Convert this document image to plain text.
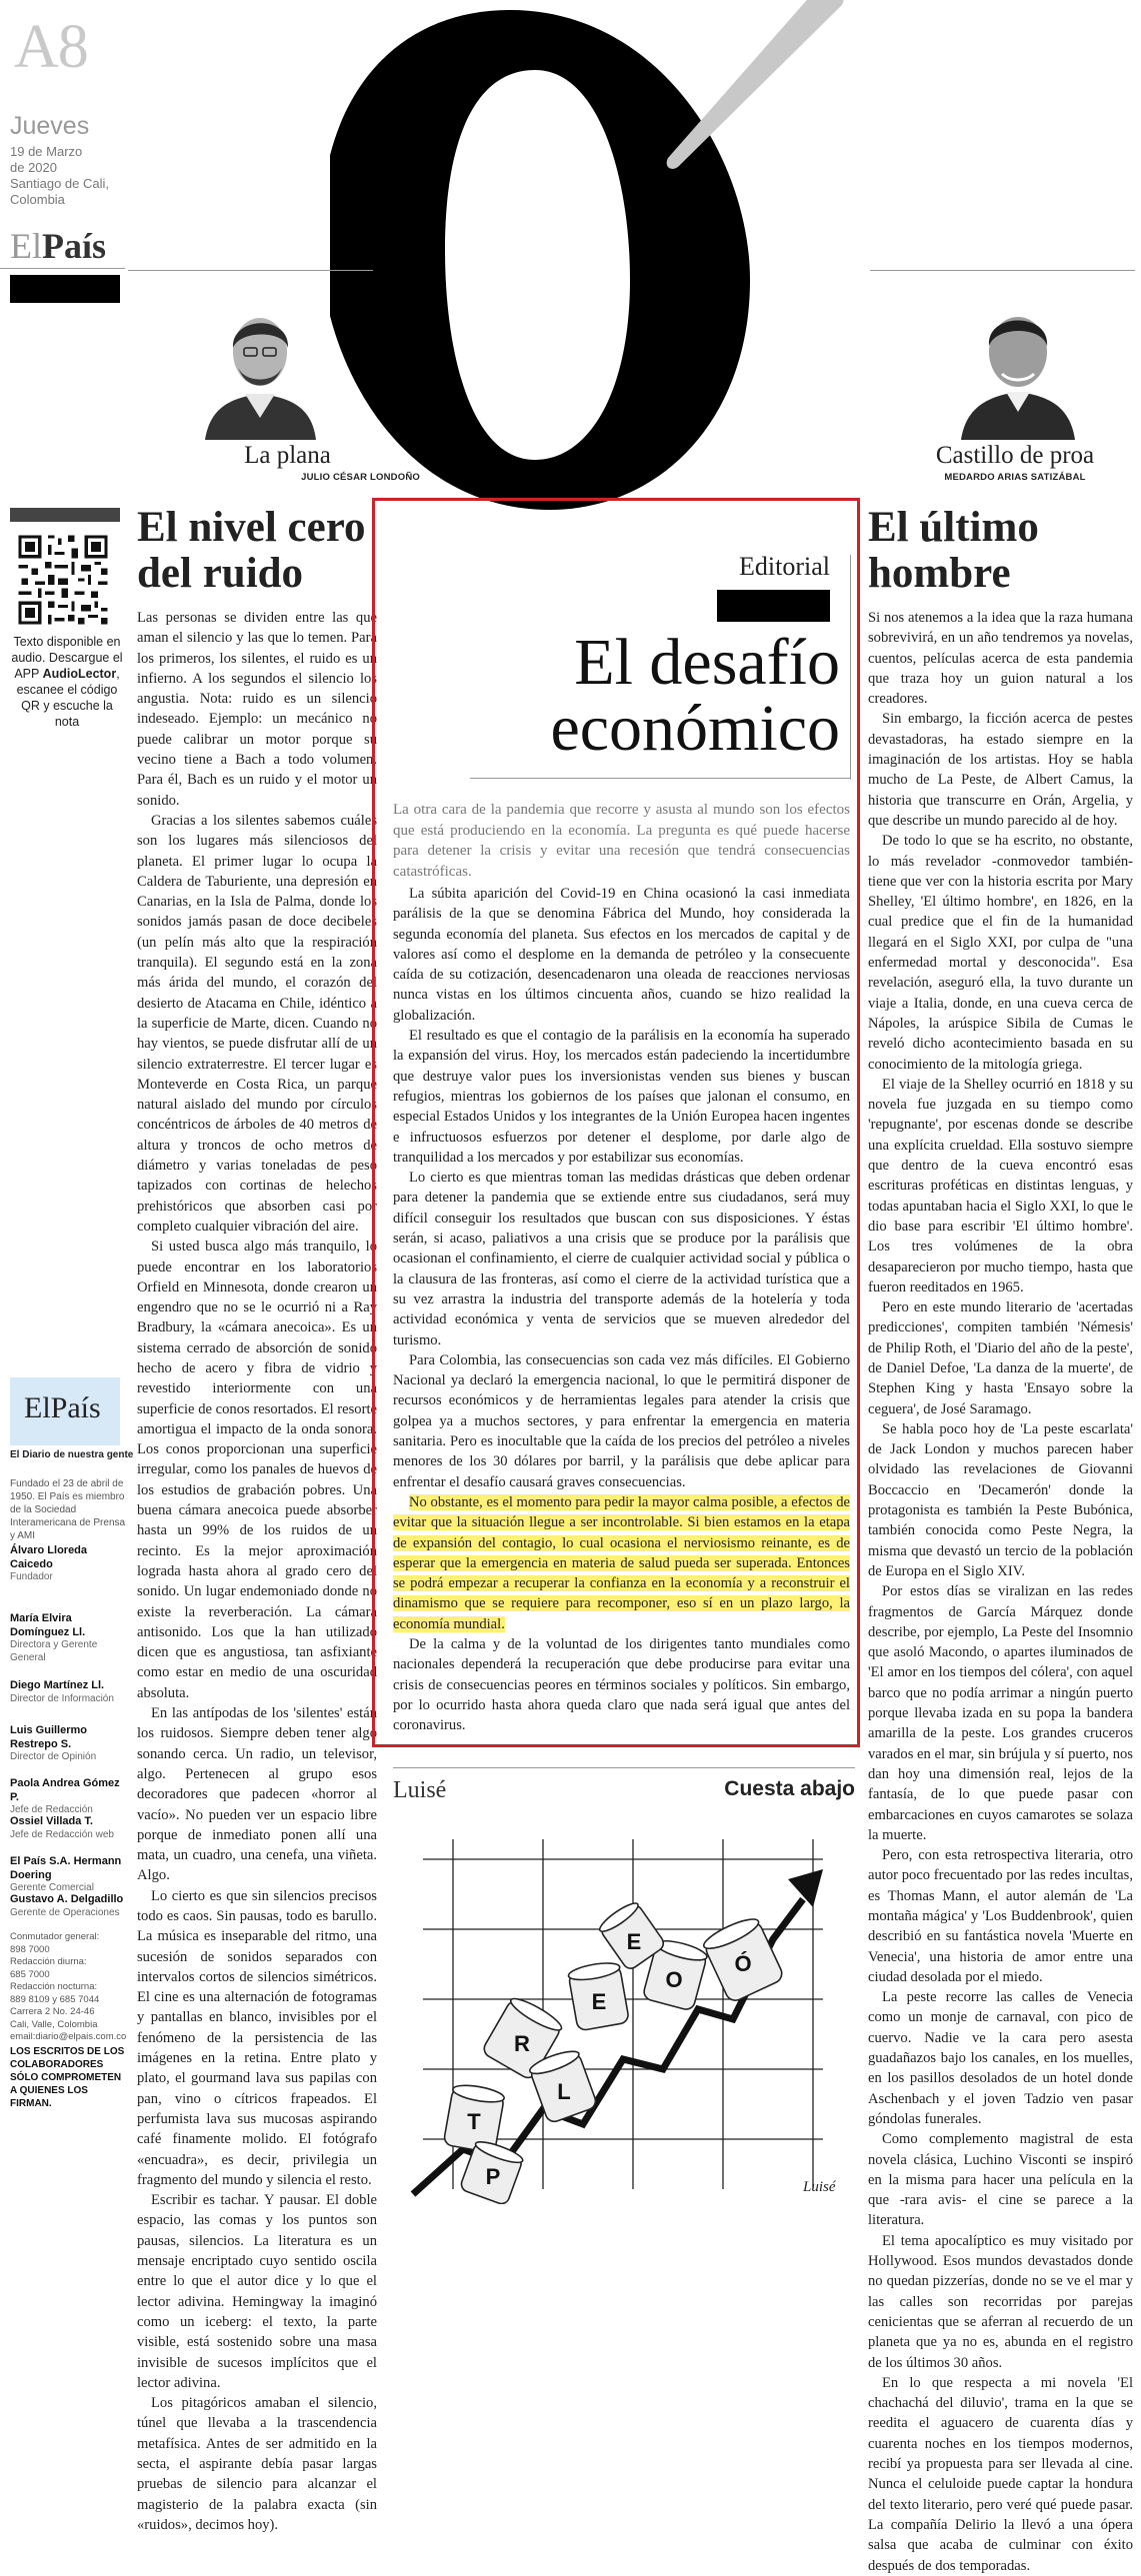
A8
Jueves
19 de Marzo
de 2020
Santiago de Cali,
Colombia
ElPaís
Texto disponible en audio. Descargue el APP AudioLector, escanee el código QR y escuche la nota
ElPaís
El Diario de nuestra gente
Fundado el 23 de abril de 1950. El País es miembro de la Sociedad Interamericana de Prensa y AMI
Álvaro Lloreda Caicedo
Fundador
María Elvira Domínguez Ll.
Directora y Gerente General
Diego Martínez Ll.
Director de Información
Luis Guillermo Restrepo S.
Director de Opinión
Paola Andrea Gómez P.
Jefe de Redacción
Ossiel Villada T.
Jefe de Redacción web
El País S.A. Hermann Doering
Gerente Comercial
Gustavo A. Delgadillo
Gerente de Operaciones
Conmutador general:
898 7000
Redacción diurna:
685 7000
Redacción nocturna:
889 8109 y 685 7044
Carrera 2 No. 24-46
Cali, Valle, Colombia
email:diario@elpais.com.co
LOS ESCRITOS DE LOS COLABORADORES SÓLO COMPROMETEN A QUIENES LOS FIRMAN.
La plana
JULIO CÉSAR LONDOÑO
Castillo de proa
MEDARDO ARIAS SATIZÁBAL
El nivel cero del ruido

Las personas se dividen entre las que aman el silencio y las que lo temen. Para los primeros, los silentes, el ruido es un infierno. A los segundos el silencio los angustia. Nota: ruido es un silencio indeseado. Ejemplo: un mecánico no puede calibrar un motor porque su vecino tiene a Bach a todo volumen. Para él, Bach es un ruido y el motor un sonido.

Gracias a los silentes sabemos cuáles son los lugares más silenciosos del planeta. El primer lugar lo ocupa la Caldera de Taburiente, una depresión en Canarias, en la Isla de Palma, donde los sonidos jamás pasan de doce decibeles (un pelín más alto que la respiración tranquila). El segundo está en la zona más árida del mundo, el corazón del desierto de Atacama en Chile, idéntico a la superficie de Marte, dicen. Cuando no hay vientos, se puede disfrutar allí de un silencio extraterrestre. El tercer lugar es Monteverde en Costa Rica, un parque natural aislado del mundo por círculos concéntricos de árboles de 40 metros de altura y troncos de ocho metros de diámetro y varias toneladas de peso tapizados con cortinas de helechos prehistóricos que absorben casi por completo cualquier vibración del aire.

Si usted busca algo más tranquilo, lo puede encontrar en los laboratorios Orfield en Minnesota, donde crearon un engendro que no se le ocurrió ni a Ray Bradbury, la «cámara anecoica». Es un sistema cerrado de absorción de sonido hecho de acero y fibra de vidrio y revestido interiormente con una superficie de conos resortados. El resorte amortigua el impacto de la onda sonora. Los conos proporcionan una superficie irregular, como los panales de huevos de los estudios de grabación pobres. Una buena cámara anecoica puede absorber hasta un 99% de los ruidos de un recinto. Es la mejor aproximación lograda hasta ahora al grado cero del sonido. Un lugar endemoniado donde no existe la reverberación. La cámara antisonido. Los que la han utilizado dicen que es angustiosa, tan asfixiante como estar en medio de una oscuridad absoluta.

En las antípodas de los 'silentes' están los ruidosos. Siempre deben tener algo sonando cerca. Un radio, un televisor, algo. Pertenecen al grupo esos decoradores que padecen «horror al vacío». No pueden ver un espacio libre porque de inmediato ponen allí una mata, un cuadro, una cenefa, una viñeta. Algo.

Lo cierto es que sin silencios precisos todo es caos. Sin pausas, todo es barullo. La música es inseparable del ritmo, una sucesión de sonidos separados con intervalos cortos de silencios simétricos. El cine es una alternación de fotogramas y pantallas en blanco, invisibles por el fenómeno de la persistencia de las imágenes en la retina. Entre plato y plato, el gourmand lava sus papilas con pan, vino o cítricos frapeados. El perfumista lava sus mucosas aspirando café finamente molido. El fotógrafo «encuadra», es decir, privilegia un fragmento del mundo y silencia el resto.

Escribir es tachar. Y pausar. El doble espacio, las comas y los puntos son pausas, silencios. La literatura es un mensaje encriptado cuyo sentido oscila entre lo que el autor dice y lo que el lector adivina. Hemingway la imaginó como un iceberg: el texto, la parte visible, está sostenido sobre una masa invisible de sucesos implícitos que el lector adivina.

Los pitagóricos amaban el silencio, túnel que llevaba a la trascendencia metafísica. Antes de ser admitido en la secta, el aspirante debía pasar largas pruebas de silencio para alcanzar el magisterio de la palabra exacta (sin «ruidos», decimos hoy).

Editorial
El desafío
económico
La otra cara de la pandemia que recorre y asusta al mundo son los efectos que está produciendo en la economía. La pregunta es qué puede hacerse para detener la crisis y evitar una recesión que tendrá consecuencias catastróficas.

La súbita aparición del Covid-19 en China ocasionó la casi inmediata parálisis de la que se denomina Fábrica del Mundo, hoy considerada la segunda economía del planeta. Sus efectos en los mercados de capital y de valores así como el desplome en la demanda de petróleo y la consecuente caída de su cotización, desencadenaron una oleada de reacciones nerviosas nunca vistas en los últimos cincuenta años, cuando se hizo realidad la globalización.

El resultado es que el contagio de la parálisis en la economía ha superado la expansión del virus. Hoy, los mercados están padeciendo la incertidumbre que destruye valor pues los inversionistas venden sus bienes y buscan refugios, mientras los gobiernos de los países que jalonan el consumo, en especial Estados Unidos y los integrantes de la Unión Europea hacen ingentes e infructuosos esfuerzos por detener el desplome, por darle algo de tranquilidad a los mercados y por estabilizar sus economías.

Lo cierto es que mientras toman las medidas drásticas que deben ordenar para detener la pandemia que se extiende entre sus ciudadanos, será muy difícil conseguir los resultados que buscan con sus disposiciones. Y éstas serán, si acaso, paliativos a una crisis que se produce por la parálisis que ocasionan el confinamiento, el cierre de cualquier actividad social y pública o la clausura de las fronteras, así como el cierre de la actividad turística que a su vez arrastra la industria del transporte además de la hotelería y toda actividad económica y venta de servicios que se mueven alrededor del turismo.

Para Colombia, las consecuencias son cada vez más difíciles. El Gobierno Nacional ya declaró la emergencia nacional, lo que le permitirá disponer de recursos económicos y de herramientas legales para atender la crisis que golpea ya a muchos sectores, y para enfrentar la emergencia en materia sanitaria. Pero es inocultable que la caída de los precios del petróleo a niveles menores de los 30 dólares por barril, y la parálisis que debe aplicar para enfrentar el desafío causará graves consecuencias.

No obstante, es el momento para pedir la mayor calma posible, a efectos de evitar que la situación llegue a ser incontrolable. Si bien estamos en la etapa de expansión del contagio, lo cual ocasiona el nerviosismo reinante, es de esperar que la emergencia en materia de salud pueda ser superada. Entonces se podrá empezar a recuperar la confianza en la economía y a reconstruir el dinamismo que se requiere para recomponer, eso sí en un plazo largo, la economía mundial.

De la calma y de la voluntad de los dirigentes tanto mundiales como nacionales dependerá la recuperación que debe producirse para evitar una crisis de consecuencias peores en términos sociales y políticos. Sin embargo, por lo ocurrido hasta ahora queda claro que nada será igual que antes del coronavirus.

Luisé	Cuesta abajo
P
E
T
R
Ó
L
E
O
Luisé
El último hombre

Si nos atenemos a la idea que la raza humana sobrevivirá, en un año tendremos ya novelas, cuentos, películas acerca de esta pandemia que traza hoy un guion natural a los creadores.

Sin embargo, la ficción acerca de pestes devastadoras, ha estado siempre en la imaginación de los artistas. Hoy se habla mucho de La Peste, de Albert Camus, la historia que transcurre en Orán, Argelia, y que describe un mundo parecido al de hoy.

De todo lo que se ha escrito, no obstante, lo más revelador -conmovedor también- tiene que ver con la historia escrita por Mary Shelley, 'El último hombre', en 1826, en la cual predice que el fin de la humanidad llegará en el Siglo XXI, por culpa de "una enfermedad mortal y desconocida". Esa revelación, aseguró ella, la tuvo durante un viaje a Italia, donde, en una cueva cerca de Nápoles, la arúspice Sibila de Cumas le reveló dicho acontecimiento basada en su conocimiento de la mitología griega.

El viaje de la Shelley ocurrió en 1818 y su novela fue juzgada en su tiempo como 'repugnante', por escenas donde se describe una explícita crueldad. Ella sostuvo siempre que dentro de la cueva encontró esas escrituras proféticas en distintas lenguas, y todas apuntaban hacia el Siglo XXI, lo que le dio base para escribir 'El último hombre'. Los tres volúmenes de la obra desaparecieron por mucho tiempo, hasta que fueron reeditados en 1965.

Pero en este mundo literario de 'acertadas predicciones', compiten también 'Némesis' de Philip Roth, el 'Diario del año de la peste', de Daniel Defoe, 'La danza de la muerte', de Stephen King y hasta 'Ensayo sobre la ceguera', de José Saramago.

Se habla poco hoy de 'La peste escarlata' de Jack London y muchos parecen haber olvidado las revelaciones de Giovanni Boccaccio en 'Decamerón' donde la protagonista es también la Peste Bubónica, también conocida como Peste Negra, la misma que devastó un tercio de la población de Europa en el Siglo XIV.

Por estos días se viralizan en las redes fragmentos de García Márquez donde describe, por ejemplo, La Peste del Insomnio que asoló Macondo, o apartes iluminados de 'El amor en los tiempos del cólera', con aquel barco que no podía arrimar a ningún puerto porque llevaba izada en su popa la bandera amarilla de la peste. Los grandes cruceros varados en el mar, sin brújula y sí puerto, nos dan hoy una dimensión real, lejos de la fantasía, de lo que puede pasar con embarcaciones en cuyos camarotes se solaza la muerte.

Pero, con esta retrospectiva literaria, otro autor poco frecuentado por las redes incultas, es Thomas Mann, el autor alemán de 'La montaña mágica' y 'Los Buddenbrook', quien describió en su fantástica novela 'Muerte en Venecia', una historia de amor entre una ciudad desolada por el miedo.

La peste recorre las calles de Venecia como un monje de carnaval, con pico de cuervo. Nadie ve la cara pero asesta guadañazos bajo los canales, en los muelles, en los pasillos desolados de un hotel donde Aschenbach y el joven Tadzio ven pasar góndolas funerales.

Como complemento magistral de esta novela clásica, Luchino Visconti se inspiró en la misma para hacer una película en la que -rara avis- el cine se parece a la literatura.

El tema apocalíptico es muy visitado por Hollywood. Esos mundos devastados donde no quedan pizzerías, donde no se ve el mar y las calles son recorridas por parejas cenicientas que se aferran al recuerdo de un planeta que ya no es, abunda en el registro de los últimos 30 años.

En lo que respecta a mi novela 'El chachachá del diluvio', trama en la que se reedita el aguacero de cuarenta días y cuarenta noches en los tiempos modernos, recibí ya propuesta para ser llevada al cine. Nunca el celuloide puede captar la hondura del texto literario, pero veré qué puede pasar. La compañía Delirio la llevó a una ópera salsa que acaba de culminar con éxito después de dos temporadas.
